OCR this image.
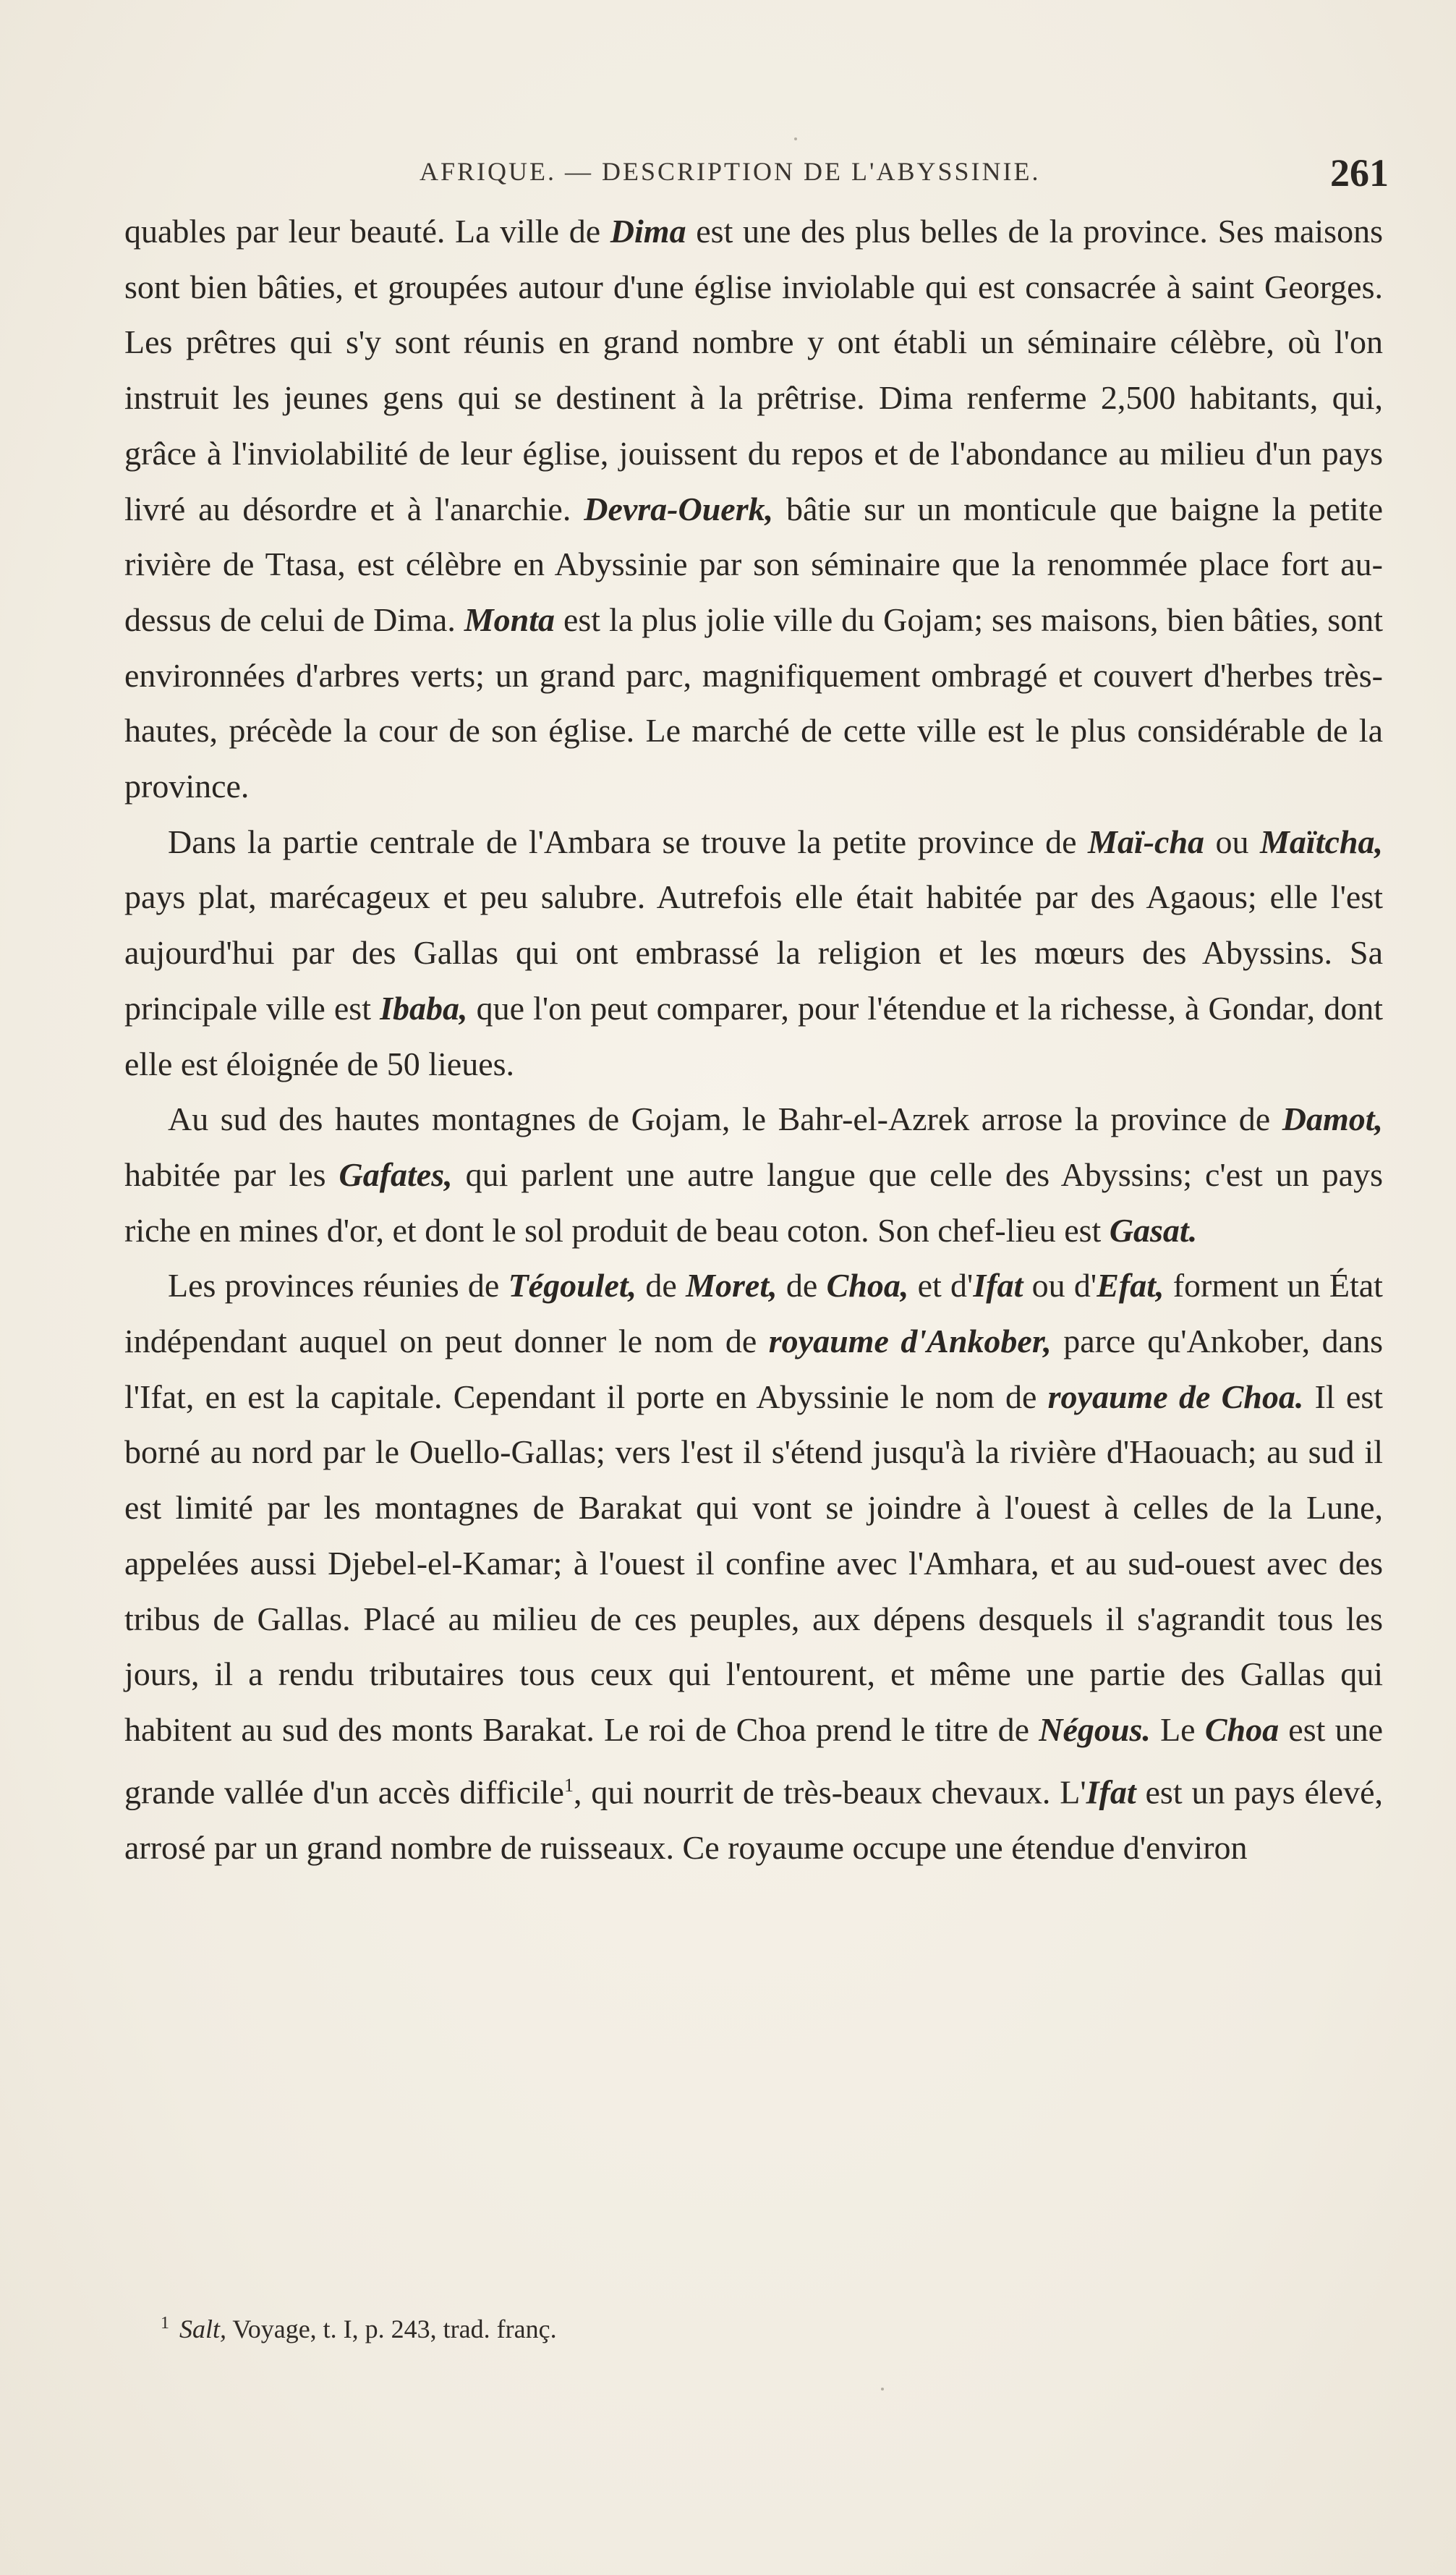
AFRIQUE. — DESCRIPTION DE L'ABYSSINIE.	261

quables par leur beauté. La ville de Dima est une des plus belles de la province. Ses maisons sont bien bâties, et groupées autour d'une église inviolable qui est consacrée à saint Georges. Les prêtres qui s'y sont réunis en grand nombre y ont établi un séminaire célèbre, où l'on instruit les jeunes gens qui se destinent à la prêtrise. Dima renferme 2,500 habitants, qui, grâce à l'inviolabilité de leur église, jouissent du repos et de l'abondance au milieu d'un pays livré au désordre et à l'anarchie. Devra-Ouerk, bâtie sur un monticule que baigne la petite rivière de Ttasa, est célèbre en Abyssinie par son séminaire que la renommée place fort au-dessus de celui de Dima. Monta est la plus jolie ville du Gojam; ses maisons, bien bâties, sont environnées d'arbres verts; un grand parc, magnifiquement ombragé et couvert d'herbes très-hautes, précède la cour de son église. Le marché de cette ville est le plus considérable de la province.

Dans la partie centrale de l'Ambara se trouve la petite province de Maï-cha ou Maïtcha, pays plat, marécageux et peu salubre. Autrefois elle était habitée par des Agaous; elle l'est aujourd'hui par des Gallas qui ont embrassé la religion et les mœurs des Abyssins. Sa principale ville est Ibaba, que l'on peut comparer, pour l'étendue et la richesse, à Gondar, dont elle est éloignée de 50 lieues.

Au sud des hautes montagnes de Gojam, le Bahr-el-Azrek arrose la province de Damot, habitée par les Gafates, qui parlent une autre langue que celle des Abyssins; c'est un pays riche en mines d'or, et dont le sol produit de beau coton. Son chef-lieu est Gasat.

Les provinces réunies de Tégoulet, de Moret, de Choa, et d'Ifat ou d'Efat, forment un État indépendant auquel on peut donner le nom de royaume d'Ankober, parce qu'Ankober, dans l'Ifat, en est la capitale. Cependant il porte en Abyssinie le nom de royaume de Choa. Il est borné au nord par le Ouello-Gallas; vers l'est il s'étend jusqu'à la rivière d'Haouach; au sud il est limité par les montagnes de Barakat qui vont se joindre à l'ouest à celles de la Lune, appelées aussi Djebel-el-Kamar; à l'ouest il confine avec l'Amhara, et au sud-ouest avec des tribus de Gallas. Placé au milieu de ces peuples, aux dépens desquels il s'agrandit tous les jours, il a rendu tributaires tous ceux qui l'entourent, et même une partie des Gallas qui habitent au sud des monts Barakat. Le roi de Choa prend le titre de Négous. Le Choa est une grande vallée d'un accès difficile$^1$, qui nourrit de très-beaux chevaux. L'Ifat est un pays élevé, arrosé par un grand nombre de ruisseaux. Ce royaume occupe une étendue d'environ

$^1$ Salt, Voyage, t. I, p. 243, trad. franç.
